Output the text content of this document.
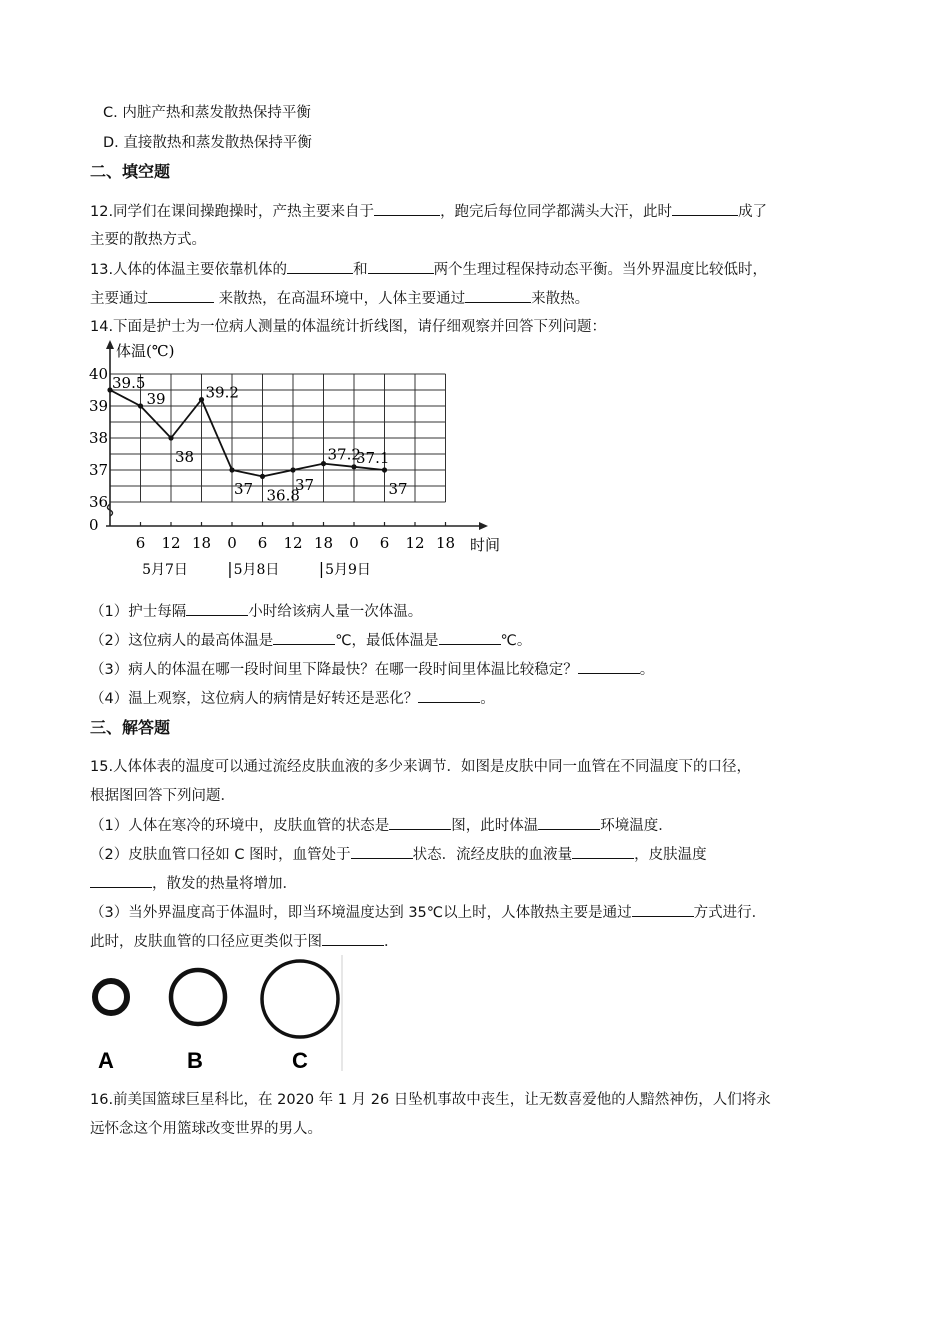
C. 内脏产热和蒸发散热保持平衡
D. 直接散热和蒸发散热保持平衡
二、填空题
12.同学们在课间操跑操时，产热主要来自于	，跑完后每位同学都满头大汗，此时	成了
主要的散热方式。
13.人体的体温主要依靠机体的	和	两个生理过程保持动态平衡。当外界温度比较低时，
主要通过	来散热，在高温环境中，人体主要通过	来散热。
14.下面是护士为一位病人测量的体温统计折线图，请仔细观察并回答下列问题：
体温(℃)
时间
40
39
38
37
36
0
6 12 18 0 6 12 18 0 6 12 18
5月7日	5月8日	5月9日
|	|
39.5
39
38
39.2
37 36.8
37
37.2
37.1
37
（1）护士每隔	小时给该病人量一次体温。
（2）这位病人的最高体温是	℃，最低体温是	℃。
（3）病人的体温在哪一段时间里下降最快？在哪一段时间里体温比较稳定？	。
（4）温上观察，这位病人的病情是好转还是恶化？	。
三、解答题
15.人体体表的温度可以通过流经皮肤血液的多少来调节．如图是皮肤中同一血管在不同温度下的口径，
根据图回答下列问题．
（1）人体在寒冷的环境中，皮肤血管的状态是	图，此时体温	环境温度．
（2）皮肤血管口径如 C 图时，血管处于	状态．流经皮肤的血液量	，皮肤温度
，散发的热量将增加．
（3）当外界温度高于体温时，即当环境温度达到 35℃以上时，人体散热主要是通过	方式进行．
此时，皮肤血管的口径应更类似于图	．
A	B	C
16.前美国篮球巨星科比，在 2020 年 1 月 26 日坠机事故中丧生，让无数喜爱他的人黯然神伤，人们将永
远怀念这个用篮球改变世界的男人。
